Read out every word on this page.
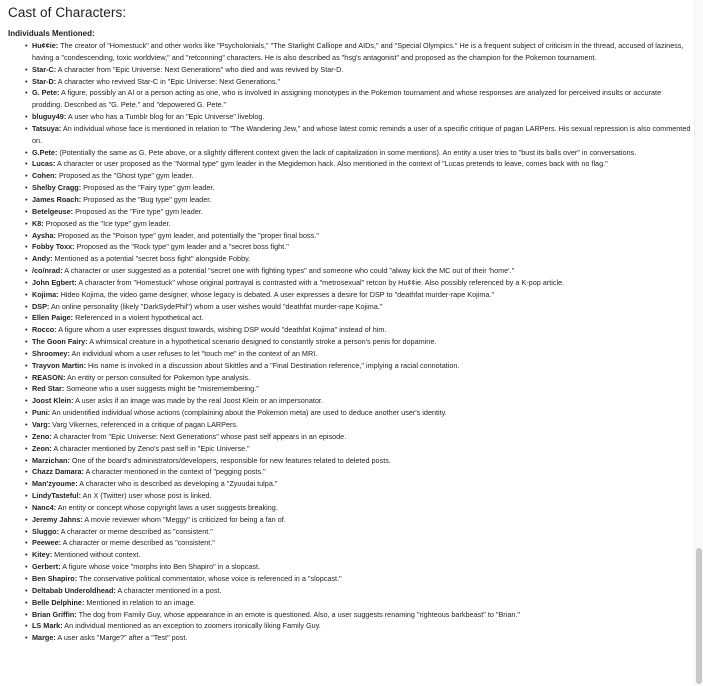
Cast of Characters:
Individuals Mentioned:
• Hu¢¢ie: The creator of "Homestuck" and other works like "Psycholonials," "The Starlight Calliope and AIDs," and "Special Olympics." He is a frequent subject of criticism in the thread, accused of laziness, having a "condescending, toxic worldview," and "retconning" characters. He is also described as "hsg's antagonist" and proposed as the champion for the Pokemon tournament.
• Star-C: A character from "Epic Universe: Next Generations" who died and was revived by Star-D.
• Star-D: A character who revived Star-C in "Epic Universe: Next Generations."
• G. Pete: A figure, possibly an AI or a person acting as one, who is involved in assigning monotypes in the Pokemon tournament and whose responses are analyzed for perceived insults or accurate prodding. Described as "G. Pete." and "depowered G. Pete."
• bluguy49: A user who has a Tumblr blog for an "Epic Universe" liveblog.
• Tatsuya: An individual whose face is mentioned in relation to "The Wandering Jew," and whose latest comic reminds a user of a specific critique of pagan LARPers. His sexual repression is also commented on.
• G.Pete: (Potentially the same as G. Pete above, or a slightly different context given the lack of capitalization in some mentions). An entity a user tries to "bust its balls over" in conversations.
• Lucas: A character or user proposed as the "Normal type" gym leader in the Megidemon hack. Also mentioned in the context of "Lucas pretends to leave, comes back with no flag."
• Cohen: Proposed as the "Ghost type" gym leader.
• Shelby Cragg: Proposed as the "Fairy type" gym leader.
• James Roach: Proposed as the "Bug type" gym leader.
• Betelgeuse: Proposed as the "Fire type" gym leader.
• K8: Proposed as the "Ice type" gym leader.
• Aysha: Proposed as the "Poison type" gym leader, and potentially the "proper final boss."
• Fobby Toxx: Proposed as the "Rock type" gym leader and a "secret boss fight."
• Andy: Mentioned as a potential "secret boss fight" alongside Fobby.
• /co/nrad: A character or user suggested as a potential "secret one with fighting types" and someone who could "alway kick the MC out of their 'home'."
• John Egbert: A character from "Homestuck" whose original portrayal is contrasted with a "metrosexual" retcon by Hu¢¢ie. Also possibly referenced by a K-pop article.
• Kojima: Hideo Kojima, the video game designer, whose legacy is debated. A user expresses a desire for DSP to "deathfat murder-rape Kojima."
• DSP: An online personality (likely "DarkSydePhil") whom a user wishes would "deathfat murder-rape Kojima."
• Ellen Paige: Referenced in a violent hypothetical act.
• Rocco: A figure whom a user expresses disgust towards, wishing DSP would "deathfat Kojima" instead of him.
• The Goon Fairy: A whimsical creature in a hypothetical scenario designed to constantly stroke a person's penis for dopamine.
• Shroomey: An individual whom a user refuses to let "touch me" in the context of an MRI.
• Trayvon Martin: His name is invoked in a discussion about Skittles and a "Final Destination reference," implying a racial connotation.
• REASON: An entity or person consulted for Pokemon type analysis.
• Red Star: Someone who a user suggests might be "misremembering."
• Joost Klein: A user asks if an image was made by the real Joost Klein or an impersonator.
• Puni: An unidentified individual whose actions (complaining about the Pokemon meta) are used to deduce another user's identity.
• Varg: Varg Vikernes, referenced in a critique of pagan LARPers.
• Zeno: A character from "Epic Universe: Next Generations" whose past self appears in an episode.
• Zeon: A character mentioned by Zeno's past self in "Epic Universe."
• Marzichan: One of the board's administrators/developers, responsible for new features related to deleted posts.
• Chazz Damara: A character mentioned in the context of "pegging posts."
• Man'zyoume: A character who is described as developing a "Zyuudai tulpa."
• LindyTasteful: An X (Twitter) user whose post is linked.
• Nanc4: An entity or concept whose copyright laws a user suggests breaking.
• Jeremy Jahns: A movie reviewer whom "Meggy" is criticized for being a fan of.
• Sluggo: A character or meme described as "consistent."
• Peewee: A character or meme described as "consistent."
• Kitey: Mentioned without context.
• Gerbert: A figure whose voice "morphs into Ben Shapiro" in a slopcast.
• Ben Shapiro: The conservative political commentator, whose voice is referenced in a "slopcast."
• Deltabab Underoldhead: A character mentioned in a post.
• Belle Delphine: Mentioned in relation to an image.
• Brian Griffin: The dog from Family Guy, whose appearance in an emote is questioned. Also, a user suggests renaming "righteous barkbeast" to "Brian."
• LS Mark: An individual mentioned as an exception to zoomers ironically liking Family Guy.
• Marge: A user asks "Marge?" after a "Test" post.
